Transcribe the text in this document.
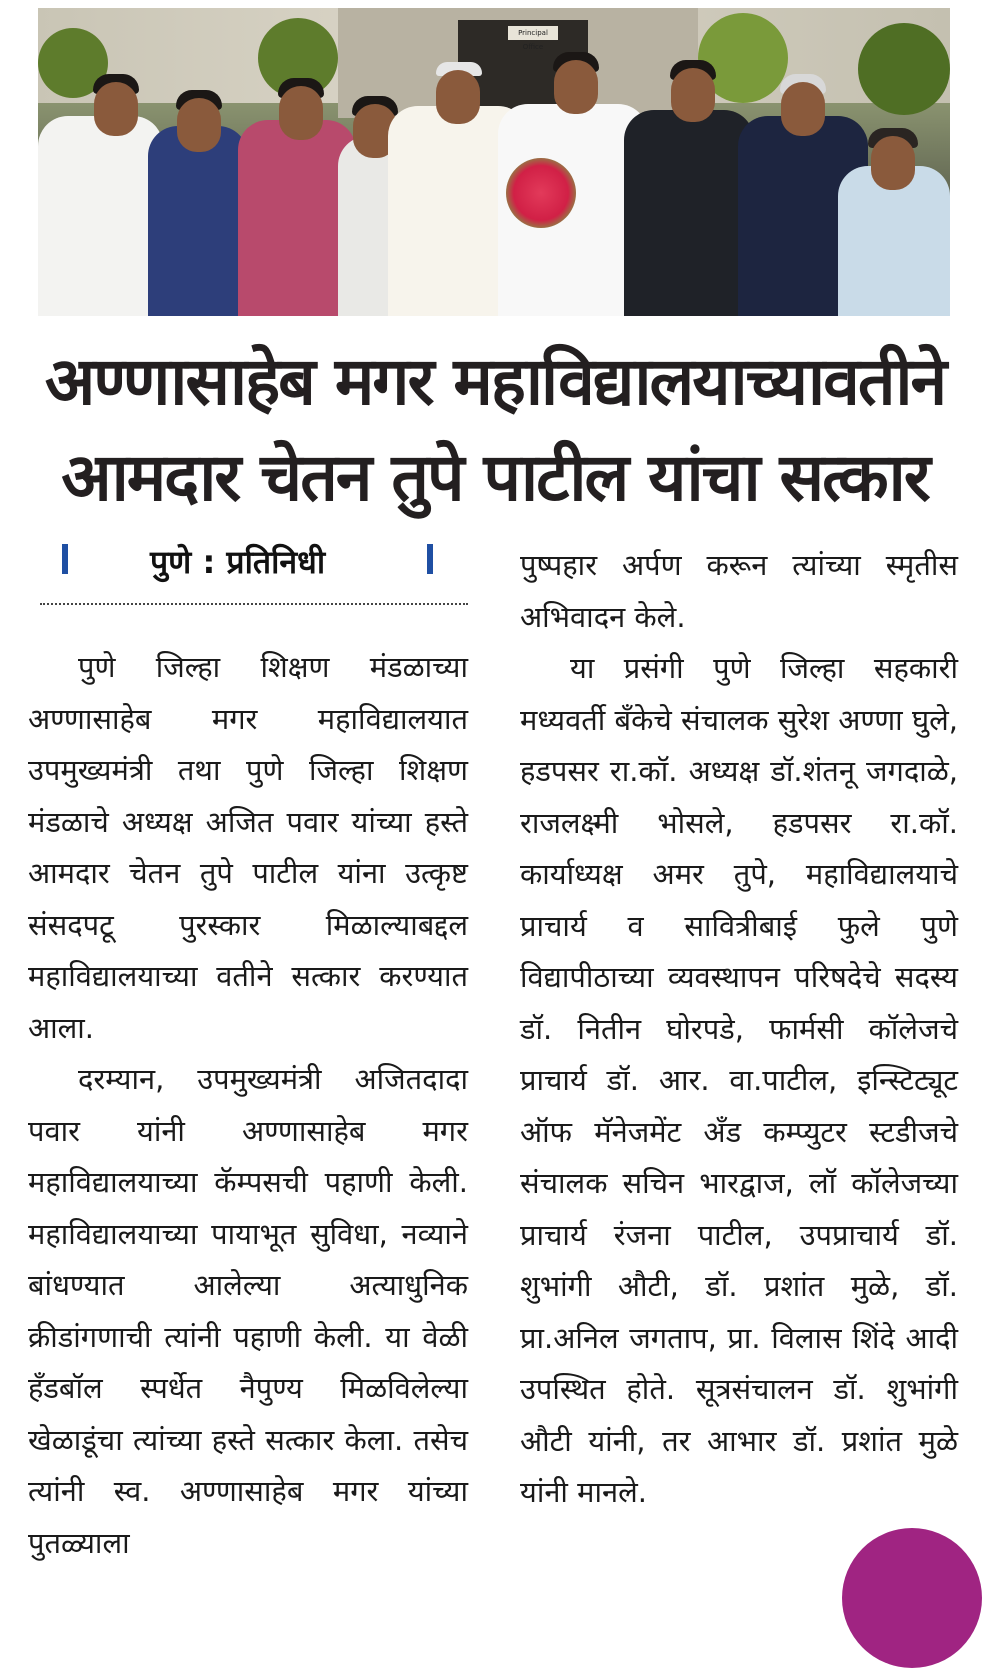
Principal Office
अण्णासाहेब मगर महाविद्यालयाच्यावतीने
आमदार चेतन तुपे पाटील यांचा सत्कार
पुणे : प्रतिनिधी

पुणे जिल्हा शिक्षण मंडळाच्या अण्णासाहेब मगर महाविद्यालयात उपमुख्यमंत्री तथा पुणे जिल्हा शिक्षण मंडळाचे अध्यक्ष अजित पवार यांच्या हस्ते आमदार चेतन तुपे पाटील यांना उत्कृष्ट संसदपटू पुरस्कार मिळाल्याबद्दल महाविद्यालयाच्या वतीने सत्कार करण्यात आला.

दरम्यान, उपमुख्यमंत्री अजितदादा पवार यांनी अण्णासाहेब मगर महाविद्यालयाच्या कॅम्पसची पहाणी केली. महाविद्यालयाच्या पायाभूत सुविधा, नव्याने बांधण्यात आलेल्या अत्याधुनिक क्रीडांगणाची त्यांनी पहाणी केली. या वेळी हँडबॉल स्पर्धेत नैपुण्य मिळविलेल्या खेळाडूंचा त्यांच्या हस्ते सत्कार केला. तसेच त्यांनी स्व. अण्णासाहेब मगर यांच्या पुतळ्याला

पुष्पहार अर्पण करून त्यांच्या स्मृतीस अभिवादन केले.

या प्रसंगी पुणे जिल्हा सहकारी मध्यवर्ती बँकेचे संचालक सुरेश अण्णा घुले, हडपसर रा.कॉ. अध्यक्ष डॉ.शंतनू जगदाळे, राजलक्ष्मी भोसले, हडपसर रा.कॉ. कार्याध्यक्ष अमर तुपे, महाविद्यालयाचे प्राचार्य व सावित्रीबाई फुले पुणे विद्यापीठाच्या व्यवस्थापन परिषदेचे सदस्य डॉ. नितीन घोरपडे, फार्मसी कॉलेजचे प्राचार्य डॉ. आर. वा.पाटील, इन्स्टिट्यूट ऑफ मॅनेजमेंट अँड कम्प्युटर स्टडीजचे संचालक सचिन भारद्वाज, लॉ कॉलेजच्या प्राचार्य रंजना पाटील, उपप्राचार्य डॉ. शुभांगी औटी, डॉ. प्रशांत मुळे, डॉ. प्रा.अनिल जगताप, प्रा. विलास शिंदे आदी उपस्थित होते. सूत्रसंचालन डॉ. शुभांगी औटी यांनी, तर आभार डॉ. प्रशांत मुळे यांनी मानले.
